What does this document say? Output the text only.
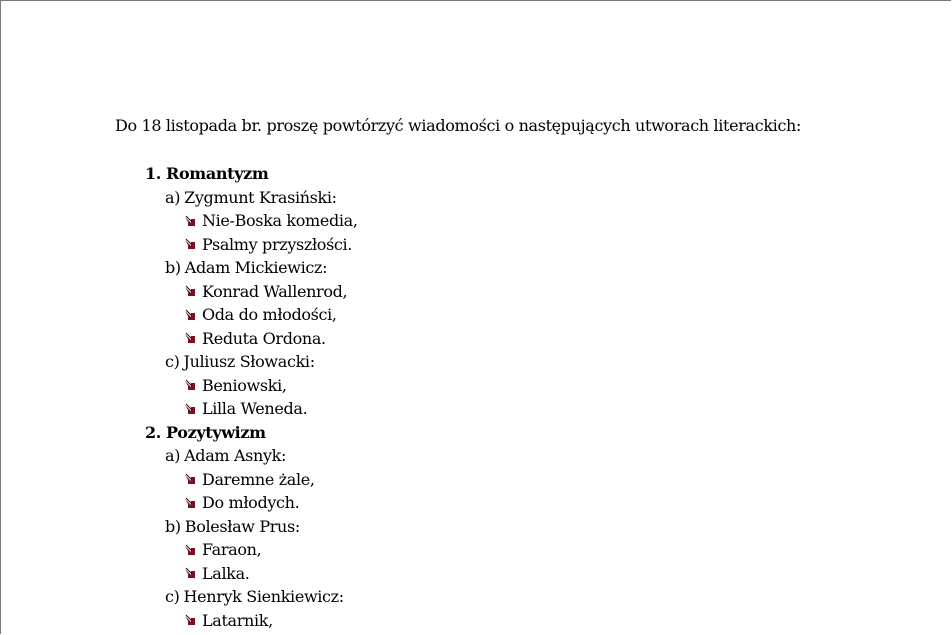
Do 18 listopada br. proszę powtórzyć wiadomości o następujących utworach literackich:
1. Romantyzm
a) Zygmunt Krasiński:
Nie-Boska komedia,
Psalmy przyszłości.
b) Adam Mickiewicz:
Konrad Wallenrod,
Oda do młodości,
Reduta Ordona.
c) Juliusz Słowacki:
Beniowski,
Lilla Weneda.
2. Pozytywizm
a) Adam Asnyk:
Daremne żale,
Do młodych.
b) Bolesław Prus:
Faraon,
Lalka.
c) Henryk Sienkiewicz:
Latarnik,
